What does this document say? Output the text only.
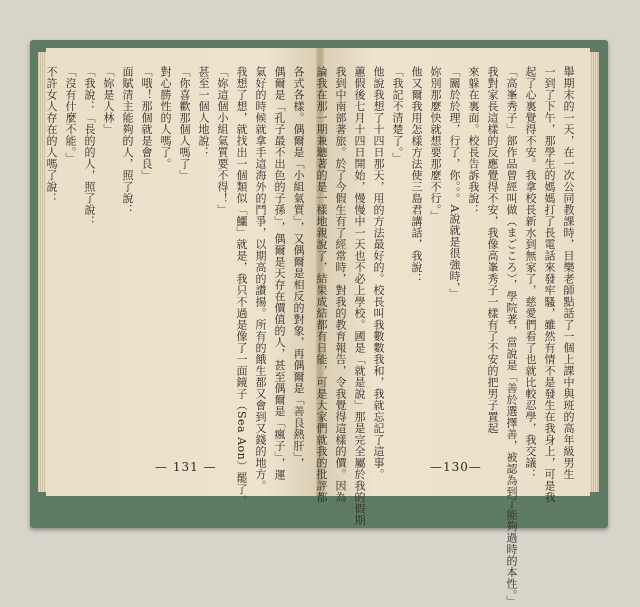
舉期末的一天，在一次公同教課時，目樂老師點話了一個上課中與班的高年級男生

一到了下午，那學生的媽媽打了長電話來發牢騷，雖然有情不是發生在我身上，可是我

起了心裏覺得不安。我拿校長新水到無家了，慈愛們看了也就比較忍學，我交議：

「高峯秀子」部作品曾經叫做（まごころ），學院著，當說是「善於選擇善，被認為到了能夠過時的本性。」

我對家長這樣的反應覺得不安，我像高峯秀子一樣有了不安的把男子置起

來躲在裏面。校長告訴我說：

「關於於理，行了，你。。。A說就是很強時，」

妳別那麼快就想要那麼不行。」

他又爾我用怎樣方法使三島君講話，我說：

「我記不清楚了。」

他說我想了十四日那天，用的方法最好的。校長叫我數數我和，我就忘記了這事。

蕙假後七月十四日開始，慢慢中一天也不必上學校。國是「就是說」那是完全屬於我的假期

我到中南部著旅。於了今假生有了經常時，對我的教育報告，令我覺得這樣的價。因為

論我在那一期兼聽著的是一樣地親說了，結果成結都有日能，可是大家們就我的批評都

各式各樣。偶爾是「小組氣質」，又偶爾是相反的對象，再偶爾是「善良熱肝」，

偶爾是「孔子最不出色的子孫」，偶爾是天存在價值的人，甚至偶爾是「瘋子」，運

氣好的時候就拿手這海外的鬥爭，以期高的讚揚。所有的餓生都又會到又錢的地方。

我想了想，就找出一個類似「鱷」就是，我只不過是像了一面鏡子（Sea Aon）罷了。

「妳這個小組氣質要不得！」

甚至一個人地說：

「你喜歡那個人嗎了」

對心勝性的人嗎了。

「哦！那個就是會良」

面賦清主能夠的人，照了說：

「妳是人林」

「我說：「長的的人，照了說：

「沒有什麼不能。」

不許女人存在的人嗎了說：

—130—
— 131 —
